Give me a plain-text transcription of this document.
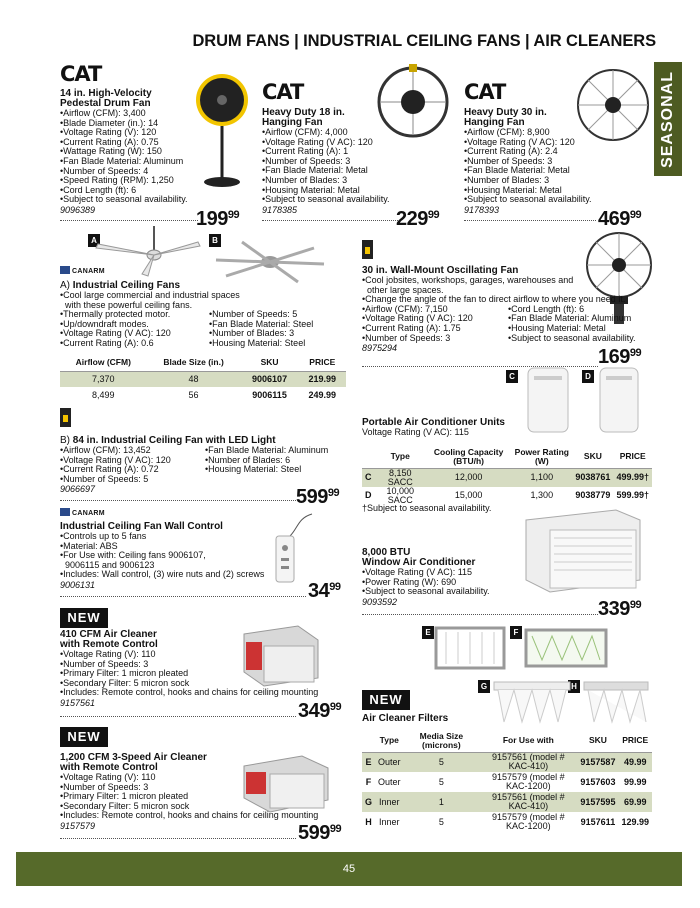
DRUM FANS | INDUSTRIAL CEILING FANS | AIR CLEANERS
SEASONAL
CAT
14 in. High-Velocity
Pedestal Drum Fan
•Airflow (CFM): 3,400
•Blade Diameter (in.): 14
•Voltage Rating (V): 120
•Current Rating (A): 0.75
•Wattage Rating (W): 150
•Fan Blade Material: Aluminum
•Number of Speeds: 4
•Speed Rating (RPM): 1,250
•Cord Length (ft): 6
•Subject to seasonal availability.
9096389	$199^{99}$
CAT
Heavy Duty 18 in.
Hanging Fan
•Airflow (CFM): 4,000
•Voltage Rating (V AC): 120
•Current Rating (A): 1
•Number of Speeds: 3
•Fan Blade Material: Metal
•Number of Blades: 3
•Housing Material: Metal
•Subject to seasonal availability.
9178385	$229^{99}$
CAT
Heavy Duty 30 in.
Hanging Fan
•Airflow (CFM): 8,900
•Voltage Rating (V AC): 120
•Current Rating (A): 2.4
•Number of Speeds: 3
•Fan Blade Material: Metal
•Number of Blades: 3
•Housing Material: Metal
•Subject to seasonal availability.
9178393	$469^{99}$
A	B
CANARM
A) Industrial Ceiling Fans
•Cool large commercial and industrial spaces
with these powerful ceiling fans.
•Thermally protected motor.
•Up/downdraft modes.
•Voltage Rating (V AC): 120
•Current Rating (A): 0.6
•Number of Speeds: 5
•Fan Blade Material: Steel
•Number of Blades: 3
•Housing Material: Steel
Airflow (CFM)	Blade Size (in.)	SKU	PRICE
7,370	48	9006107	219.99
8,499	56	9006115	249.99
B) 84 in. Industrial Ceiling Fan with LED Light
•Airflow (CFM): 13,452
•Voltage Rating (V AC): 120
•Current Rating (A): 0.72
•Number of Speeds: 5
•Fan Blade Material: Aluminum
•Number of Blades: 6
•Housing Material: Steel
9066697	$599^{99}$
CANARM
Industrial Ceiling Fan Wall Control
•Controls up to 5 fans
•Material: ABS
•For Use with: Ceiling fans 9006107,
9006115 and 9006123
•Includes: Wall control, (3) wire nuts and (2) screws
9006131	$34^{99}$
NEW
410 CFM Air Cleaner
with Remote Control
•Voltage Rating (V): 110
•Number of Speeds: 3
•Primary Filter: 1 micron pleated
•Secondary Filter: 5 micron sock
•Includes: Remote control, hooks and chains for ceiling mounting
9157561	$349^{99}$
NEW
1,200 CFM 3-Speed Air Cleaner
with Remote Control
•Voltage Rating (V): 110
•Number of Speeds: 3
•Primary Filter: 1 micron pleated
•Secondary Filter: 5 micron sock
•Includes: Remote control, hooks and chains for ceiling mounting
9157579	$599^{99}$
30 in. Wall-Mount Oscillating Fan
•Cool jobsites, workshops, garages, warehouses and
other large spaces.
•Change the angle of the fan to direct airflow to where you need it.
•Airflow (CFM): 7,150
•Voltage Rating (V AC): 120
•Current Rating (A): 1.75
•Number of Speeds: 3
•Cord Length (ft): 6
•Fan Blade Material: Aluminum
•Housing Material: Metal
•Subject to seasonal availability.
8975294	$169^{99}$
C	D
Portable Air Conditioner Units
Voltage Rating (V AC): 115
	Type	Cooling Capacity (BTU/h)	Power Rating (W)	SKU	PRICE
C	8,150 SACC	12,000	1,100	9038761	499.99†
D	10,000 SACC	15,000	1,300	9038779	599.99†
†Subject to seasonal availability.
8,000 BTU
Window Air Conditioner
•Voltage Rating (V AC): 115
•Power Rating (W): 690
•Subject to seasonal availability.
9093592	$339^{99}$
E	F
G	H
NEW
Air Cleaner Filters
	Type	Media Size (microns)	For Use with	SKU	PRICE
E	Outer	5	9157561 (model # KAC-410)	9157587	49.99
F	Outer	5	9157579 (model # KAC-1200)	9157603	99.99
G	Inner	1	9157561 (model # KAC-410)	9157595	69.99
H	Inner	5	9157579 (model # KAC-1200)	9157611	129.99
45
